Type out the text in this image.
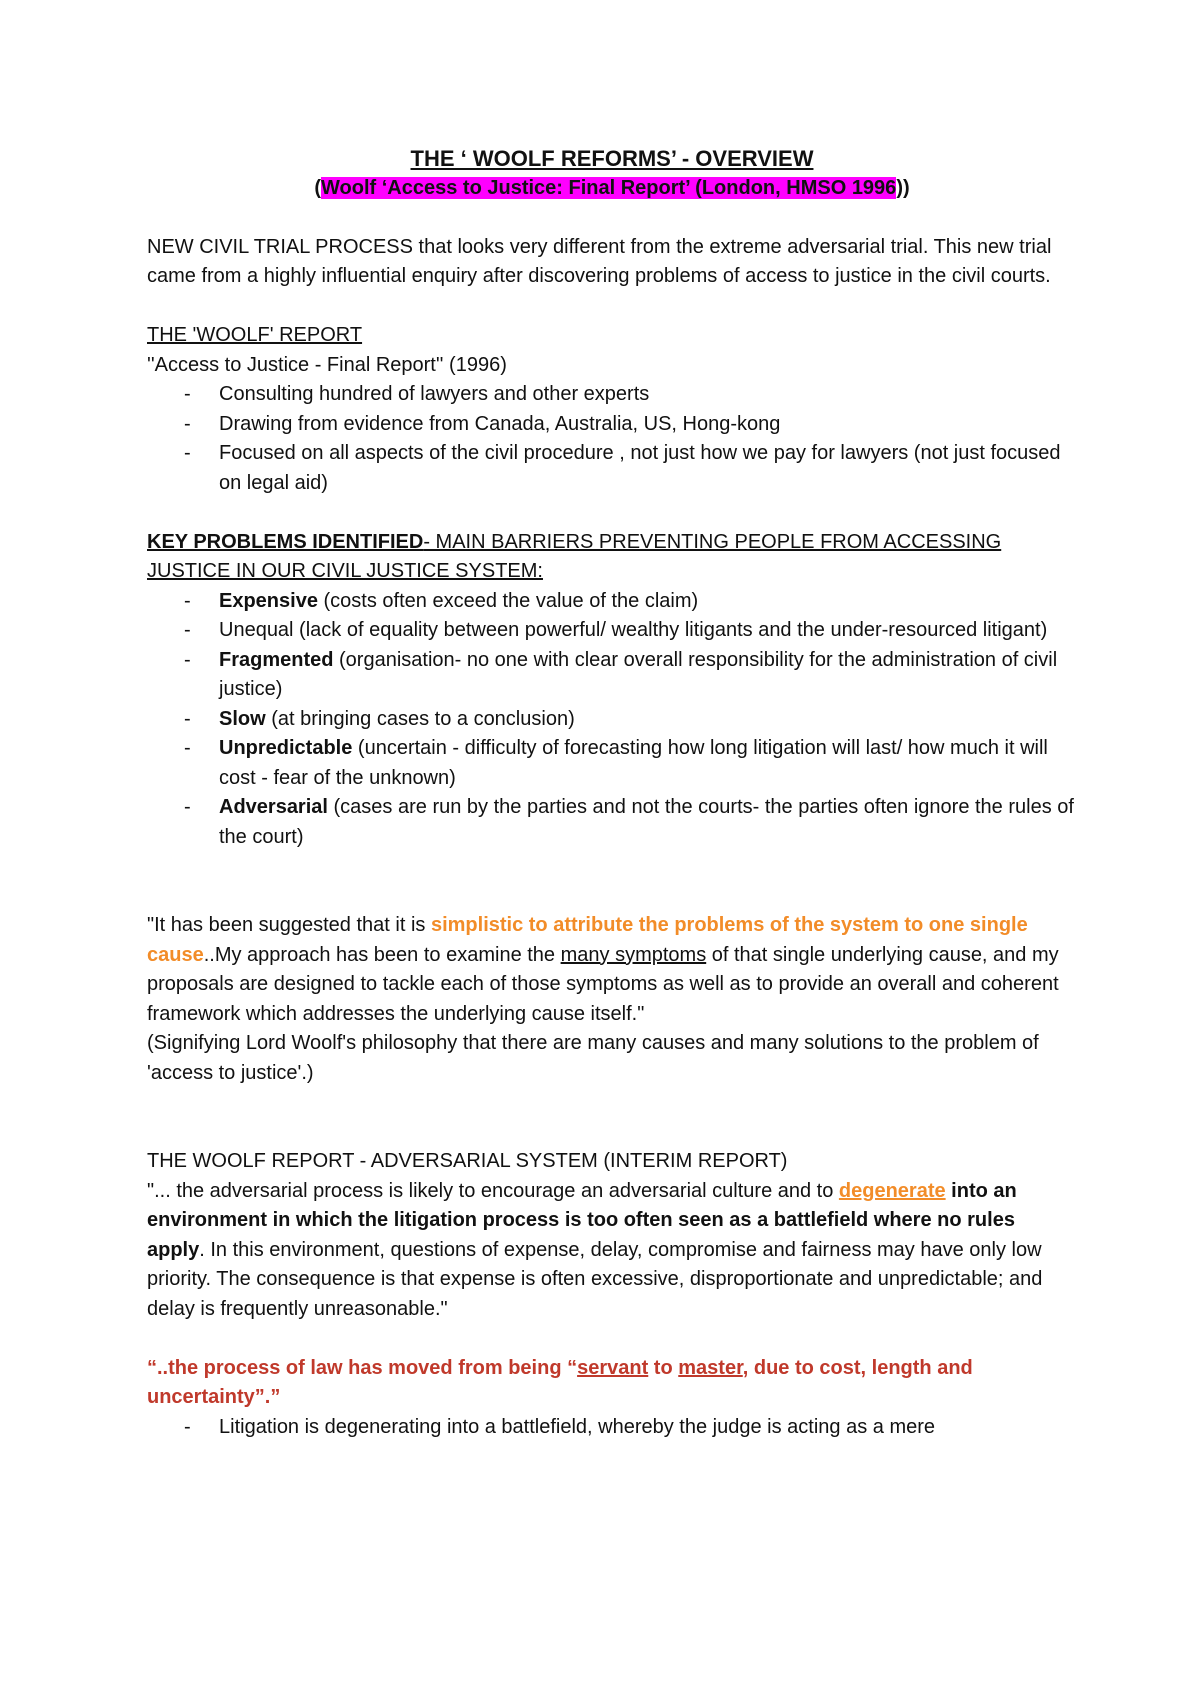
THE ‘ WOOLF REFORMS’ - OVERVIEW

(Woolf ‘Access to Justice: Final Report’ (London, HMSO 1996))

NEW CIVIL TRIAL PROCESS that looks very different from the extreme adversarial trial. This new trial came from a highly influential enquiry after discovering problems of access to justice in the civil courts.

THE 'WOOLF' REPORT

''Access to Justice - Final Report'' (1996)

- Consulting hundred of lawyers and other experts
- Drawing from evidence from Canada, Australia, US, Hong-kong
- Focused on all aspects of the civil procedure , not just how we pay for lawyers (not just focused on legal aid)

KEY PROBLEMS IDENTIFIED- MAIN BARRIERS PREVENTING PEOPLE FROM ACCESSING JUSTICE IN OUR CIVIL JUSTICE SYSTEM:

- Expensive (costs often exceed the value of the claim)
- Unequal (lack of equality between powerful/ wealthy litigants and the under-resourced litigant)
- Fragmented (organisation- no one with clear overall responsibility for the administration of civil justice)
- Slow (at bringing cases to a conclusion)
- Unpredictable (uncertain - difficulty of forecasting how long litigation will last/ how much it will cost - fear of the unknown)
- Adversarial (cases are run by the parties and not the courts- the parties often ignore the rules of the court)

"It has been suggested that it is simplistic to attribute the problems of the system to one single cause..My approach has been to examine the many symptoms of that single underlying cause, and my proposals are designed to tackle each of those symptoms as well as to provide an overall and coherent framework which addresses the underlying cause itself."

(Signifying Lord Woolf's philosophy that there are many causes and many solutions to the problem of 'access to justice'.)

THE WOOLF REPORT - ADVERSARIAL SYSTEM (INTERIM REPORT)

"... the adversarial process is likely to encourage an adversarial culture and to degenerate into an environment in which the litigation process is too often seen as a battlefield where no rules apply. In this environment, questions of expense, delay, compromise and fairness may have only low priority. The consequence is that expense is often excessive, disproportionate and unpredictable; and delay is frequently unreasonable."

“..the process of law has moved from being “servant to master, due to cost, length and uncertainty”.”

- Litigation is degenerating into a battlefield, whereby the judge is acting as a mere
